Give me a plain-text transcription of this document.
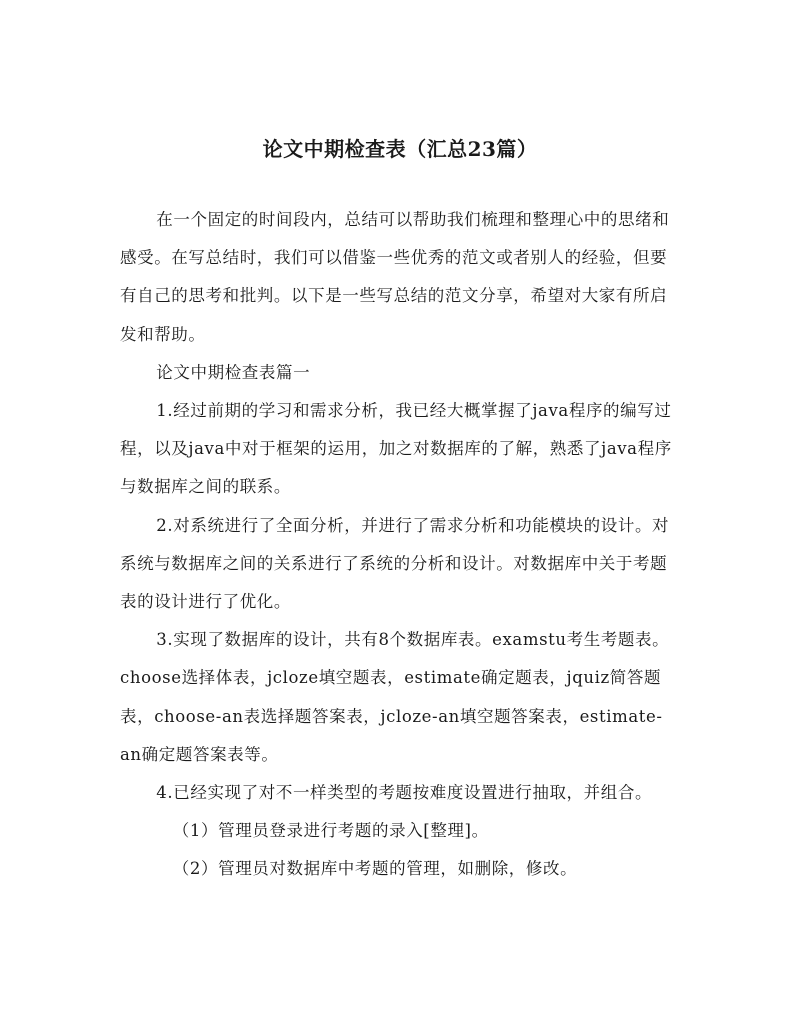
论文中期检查表（汇总23篇）

在一个固定的时间段内，总结可以帮助我们梳理和整理心中的思绪和感受。在写总结时，我们可以借鉴一些优秀的范文或者别人的经验，但要有自己的思考和批判。以下是一些写总结的范文分享，希望对大家有所启发和帮助。

论文中期检查表篇一

1.经过前期的学习和需求分析，我已经大概掌握了java程序的编写过程，以及java中对于框架的运用，加之对数据库的了解，熟悉了java程序与数据库之间的联系。

2.对系统进行了全面分析，并进行了需求分析和功能模块的设计。对系统与数据库之间的关系进行了系统的分析和设计。对数据库中关于考题表的设计进行了优化。

3.实现了数据库的设计，共有8个数据库表。examstu考生考题表。choose选择体表，jcloze填空题表，estimate确定题表，jquiz简答题表，choose-an表选择题答案表，jcloze-an填空题答案表，estimate-an确定题答案表等。

4.已经实现了对不一样类型的考题按难度设置进行抽取，并组合。

（1）管理员登录进行考题的录入[整理]。

（2）管理员对数据库中考题的管理，如删除，修改。
